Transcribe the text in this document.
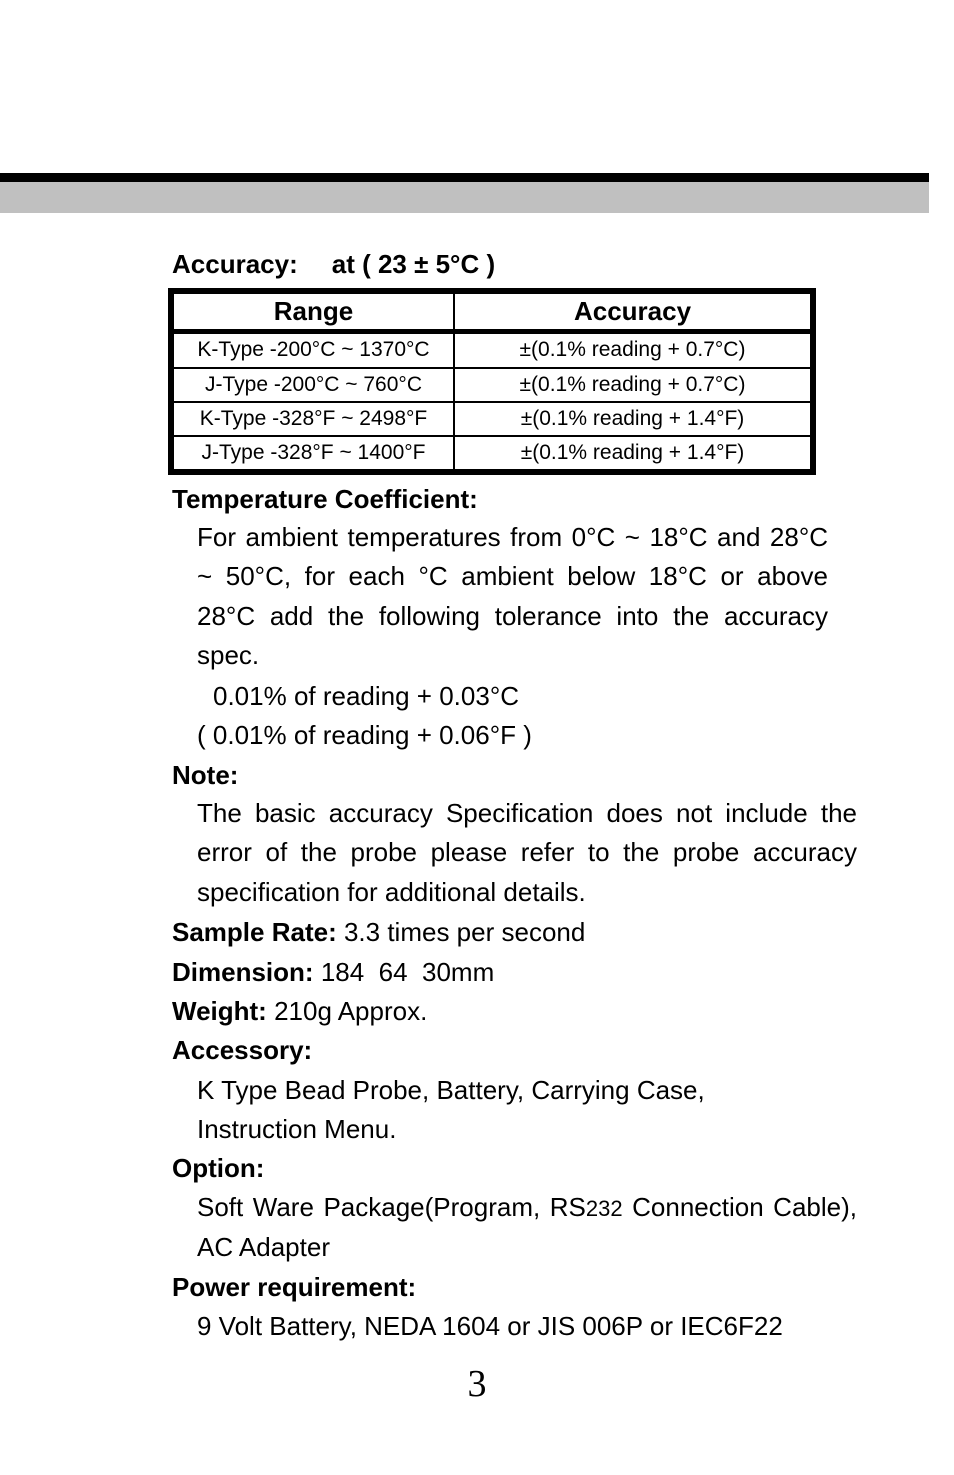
Accuracy: at ( 23 ± 5°C )
Range	Accuracy
K-Type -200°C ~ 1370°C	±(0.1% reading + 0.7°C)
J-Type -200°C ~ 760°C	±(0.1% reading + 0.7°C)
K-Type -328°F ~ 2498°F	±(0.1% reading + 1.4°F)
J-Type -328°F ~ 1400°F	±(0.1% reading + 1.4°F)
Temperature Coefficient:
For ambient temperatures from 0°C ~ 18°C and 28°C ~ 50°C, for each °C ambient below 18°C or above 28°C add the following tolerance into the accuracy spec.
0.01% of reading + 0.03°C
( 0.01% of reading + 0.06°F )
Note:
The basic accuracy Specification does not include the error of the probe please refer to the probe accuracy specification for additional details.
Sample Rate: 3.3 times per second
Dimension: 184  64  30mm
Weight: 210g Approx.
Accessory:
K Type Bead Probe, Battery, Carrying Case,
Instruction Menu.
Option:
Soft Ware Package(Program, RS232 Connection Cable), AC Adapter
Power requirement:
9 Volt Battery, NEDA 1604 or JIS 006P or IEC6F22
3
